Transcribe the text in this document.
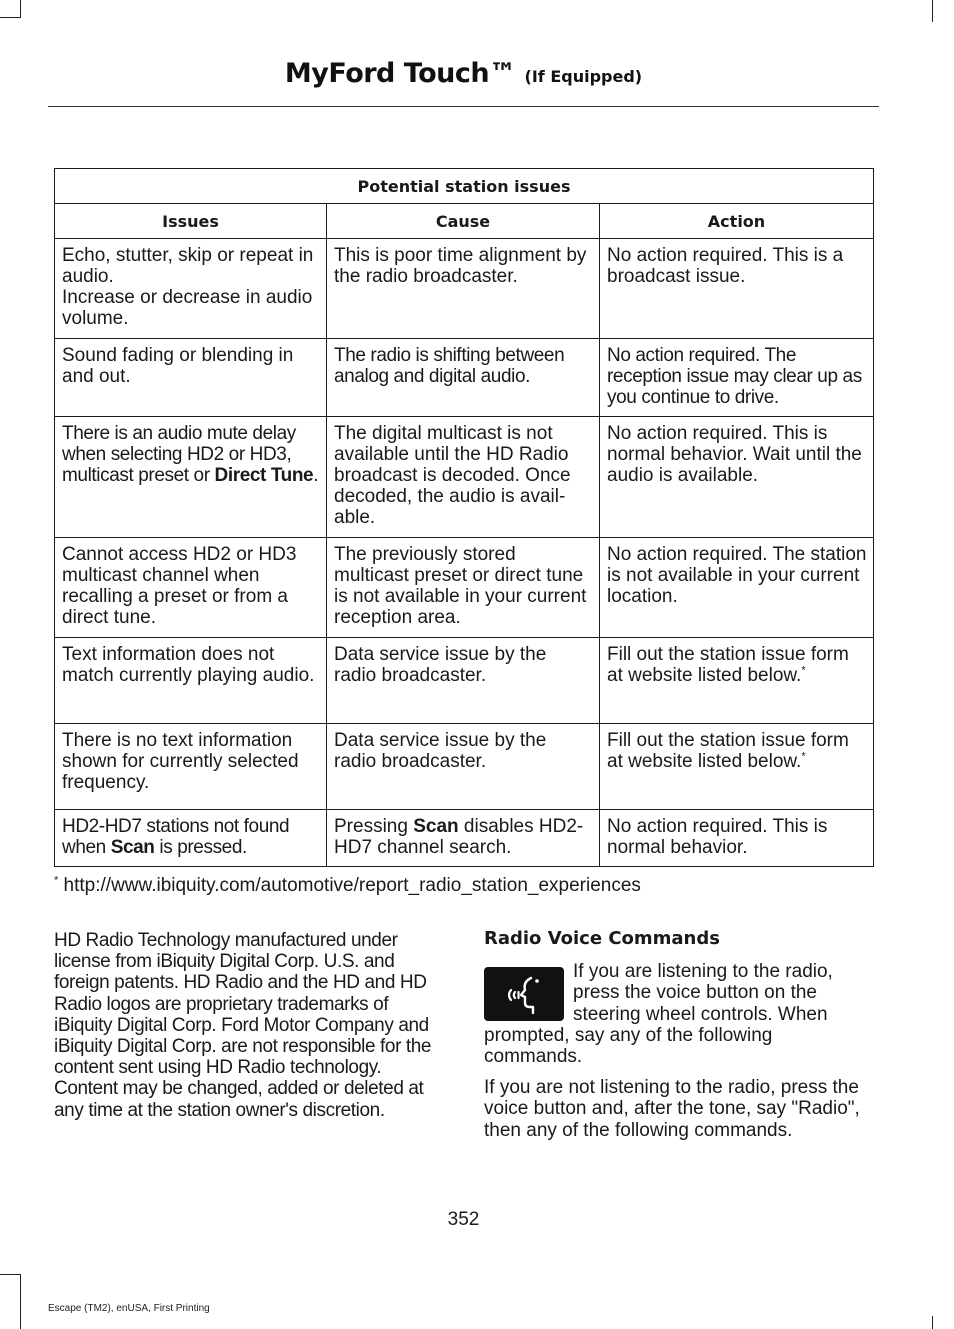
MyFord Touch™ (If Equipped)
Potential station issues		
Issues	Cause	Action

Echo, stutter, skip or repeat in audio.
Increase or decrease in audio volume.	This is poor time alignment by the radio broadcaster.	No action required. This is a broadcast issue.
Sound fading or blending in and out.	The radio is shifting between analog and digital audio.	No action required. The reception issue may clear up as you continue to drive.
There is an audio mute delay when selecting HD2 or HD3, multicast preset or Direct Tune.	The digital multicast is not available until the HD Radio broadcast is decoded. Once decoded, the audio is avail-able.	No action required. This is normal behavior. Wait until the audio is available.
Cannot access HD2 or HD3 multicast channel when recalling a preset or from a direct tune.	The previously stored multicast preset or direct tune is not available in your current reception area.	No action required. The station is not available in your current location.
Text information does not match currently playing audio.	Data service issue by the radio broadcaster.	Fill out the station issue form at website listed below.*
There is no text information shown for currently selected frequency.	Data service issue by the radio broadcaster.	Fill out the station issue form at website listed below.*
HD2-HD7 stations not found when Scan is pressed.	Pressing Scan disables HD2-HD7 channel search.	No action required. This is normal behavior.
* http://www.ibiquity.com/automotive/report_radio_station_experiences
HD Radio Technology manufactured under license from iBiquity Digital Corp. U.S. and foreign patents. HD Radio and the HD and HD Radio logos are proprietary trademarks of iBiquity Digital Corp. Ford Motor Company and iBiquity Digital Corp. are not responsible for the content sent using HD Radio technology. Content may be changed, added or deleted at any time at the station owner's discretion.
Radio Voice Commands

If you are listening to the radio, press the voice button on the steering wheel controls. When prompted, say any of the following commands.

If you are not listening to the radio, press the voice button and, after the tone, say "Radio", then any of the following commands.

352
Escape (TM2), enUSA, First Printing
